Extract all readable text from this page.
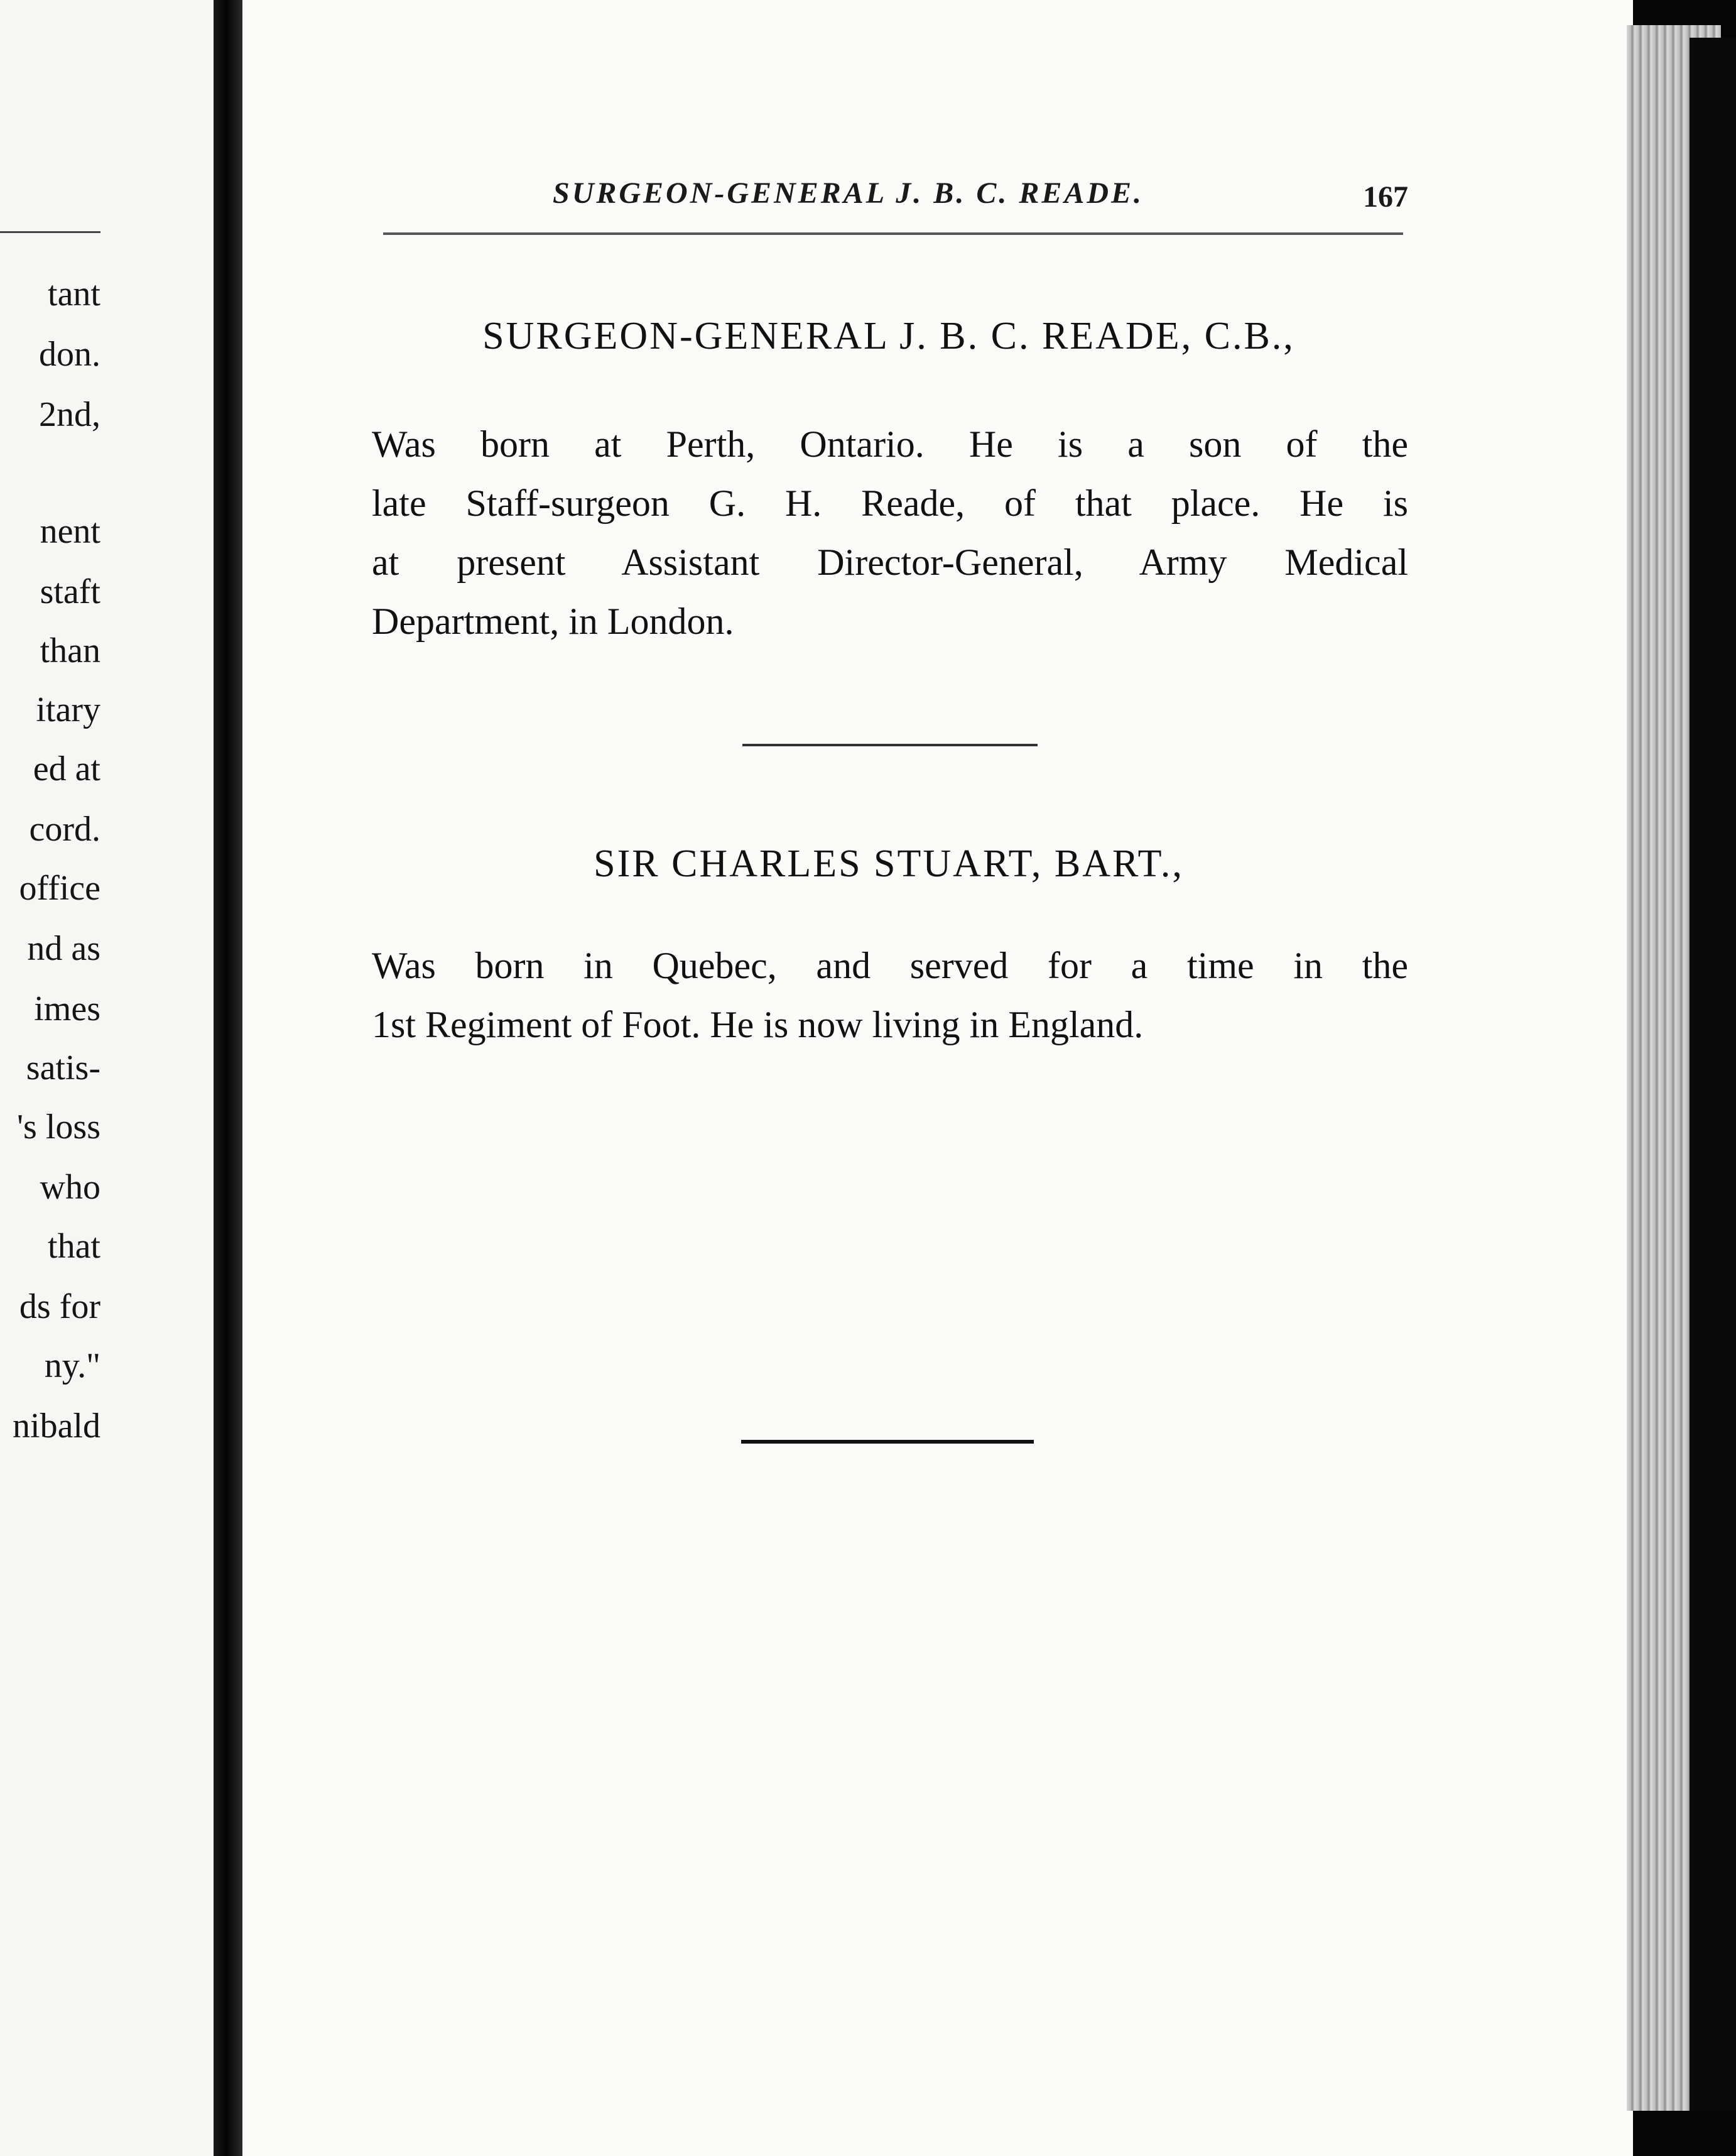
tant
don.
2nd,
nent
staft
than
itary
ed at
cord.
office
nd as
imes
satis-
's loss
who
that
ds for
ny."
nibald
SURGEON-GENERAL J. B. C. READE.	167
SURGEON-GENERAL J. B. C. READE, C.B.,
Was born at Perth, Ontario. He is a son of the
late Staff-surgeon G. H. Reade, of that place. He is
at present Assistant Director-General, Army Medical
Department, in London.
SIR CHARLES STUART, BART.,
Was born in Quebec, and served for a time in the
1st Regiment of Foot. He is now living in England.
